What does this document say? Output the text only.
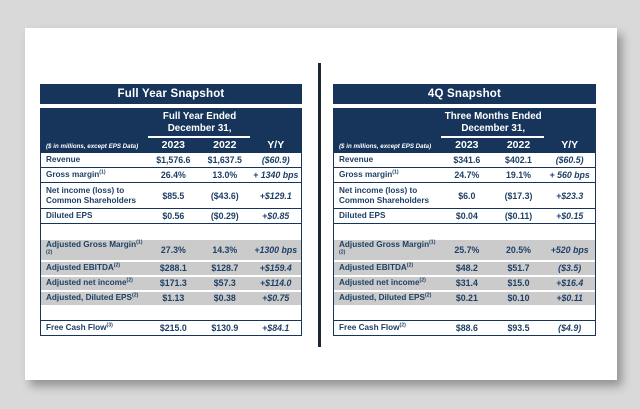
Full Year Snapshot
Full Year Ended
December 31,
($ in millions, except EPS Data)	2023	2022	Y/Y
Revenue	$1,576.6	$1,637.5	($60.9)
Gross margin$^{(1)}$	26.4%	13.0%	+ 1340 bps
Net income (loss) to Common Shareholders	$85.5	($43.6)	+$129.1
Diluted EPS	$0.56	($0.29)	+$0.85
Adjusted Gross Margin$^{(1)(2)}$	27.3%	14.3%	+1300 bps
Adjusted EBITDA$^{(2)}$	$288.1	$128.7	+$159.4
Adjusted net income$^{(2)}$	$171.3	$57.3	+$114.0
Adjusted, Diluted EPS$^{(2)}$	$1.13	$0.38	+$0.75
Free Cash Flow$^{(3)}$	$215.0	$130.9	+$84.1
4Q Snapshot
Three Months Ended
December 31,
($ in millions, except EPS Data)	2023	2022	Y/Y
Revenue	$341.6	$402.1	($60.5)
Gross margin$^{(1)}$	24.7%	19.1%	+ 560 bps
Net income (loss) to Common Shareholders	$6.0	($17.3)	+$23.3
Diluted EPS	$0.04	($0.11)	+$0.15
Adjusted Gross Margin$^{(1)(2)}$	25.7%	20.5%	+520 bps
Adjusted EBITDA$^{(2)}$	$48.2	$51.7	($3.5)
Adjusted net income$^{(2)}$	$31.4	$15.0	+$16.4
Adjusted, Diluted EPS$^{(2)}$	$0.21	$0.10	+$0.11
Free Cash Flow$^{(2)}$	$88.6	$93.5	($4.9)
